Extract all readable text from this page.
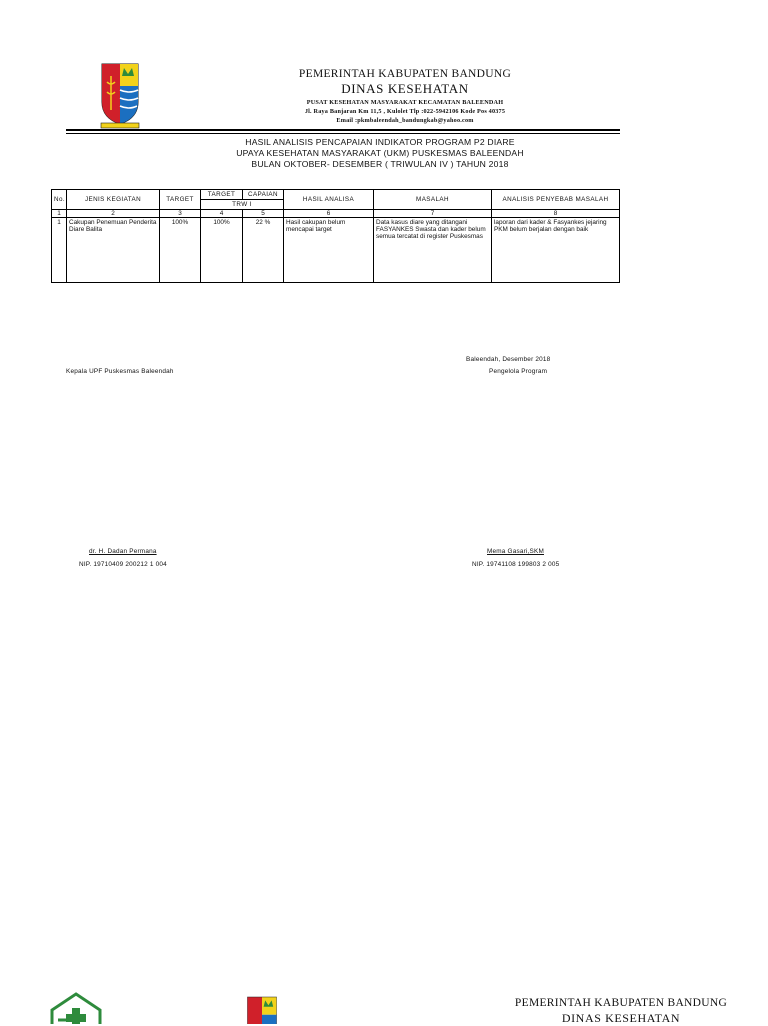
PEMERINTAH KABUPATEN BANDUNG
DINAS KESEHATAN
PUSAT KESEHATAN MASYARAKAT KECAMATAN BALEENDAH
Jl. Raya Banjaran Km 11,5 , Kulolet Tlp :022-5942106 Kode Pos 40375
Email :pkmbaleendah_bandungkab@yahoo.com
HASIL ANALISIS PENCAPAIAN INDIKATOR PROGRAM P2 DIARE
UPAYA KESEHATAN MASYARAKAT (UKM) PUSKESMAS BALEENDAH
BULAN OKTOBER- DESEMBER ( TRIWULAN IV ) TAHUN 2018
No.	JENIS KEGIATAN	TARGET	TARGET	CAPAIAN	HASIL ANALISA	MASALAH	ANALISIS PENYEBAB MASALAH
			TRW I				
1	2	3	4	5	6	7	8
1	Cakupan Penemuan Penderita Diare Balita	100%	100%	22 %	Hasil cakupan belum mencapai target	Data kasus diare yang ditangani FASYANKES Swasta dan kader belum semua tercatat di register Puskesmas	laporan dari kader & Fasyankes jejaring PKM belum berjalan dengan baik
Baleendah, Desember 2018
Kepala UPF Puskesmas Baleendah	Pengelola Program
dr. H. Dadan Permana
NIP. 19710409 200212 1 004
Mema Gasari,SKM
NIP. 19741108 199803 2 005
PEMERINTAH KABUPATEN BANDUNG
DINAS KESEHATAN
